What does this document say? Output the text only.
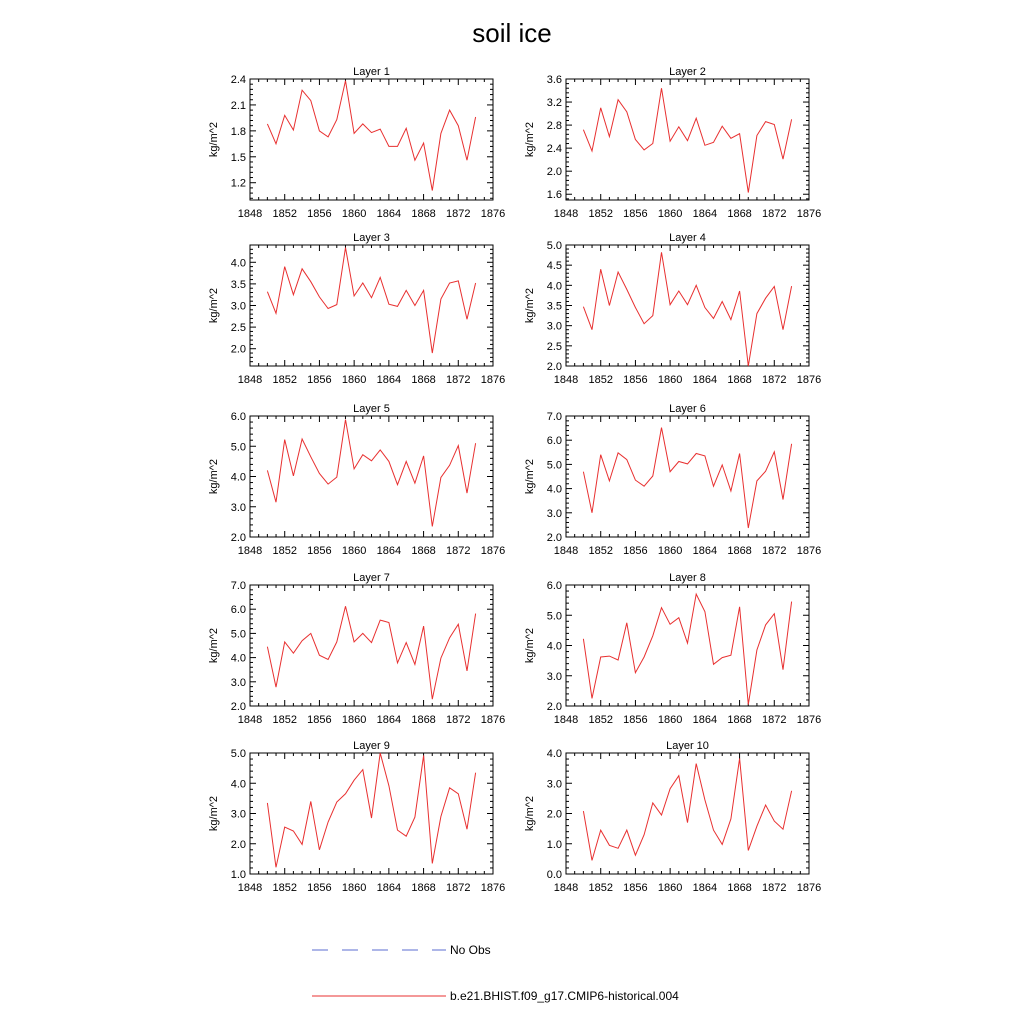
soil ice
Layer 1
1848 1852 1856 1860 1864 1868 1872 1876
1.2
1.5
1.8
2.1
2.4
kg/m^2
Layer 2
1848 1852 1856 1860 1864 1868 1872 1876
1.6
2.0
2.4
2.8
3.2
3.6
kg/m^2
Layer 3
1848 1852 1856 1860 1864 1868 1872 1876
2.0
2.5
3.0
3.5
4.0
kg/m^2
Layer 4
1848 1852 1856 1860 1864 1868 1872 1876
2.0
2.5
3.0
3.5
4.0
4.5
5.0
kg/m^2
Layer 5
1848 1852 1856 1860 1864 1868 1872 1876
2.0
3.0
4.0
5.0
6.0
kg/m^2
Layer 6
1848 1852 1856 1860 1864 1868 1872 1876
2.0
3.0
4.0
5.0
6.0
7.0
kg/m^2
Layer 7
1848 1852 1856 1860 1864 1868 1872 1876
2.0
3.0
4.0
5.0
6.0
7.0
kg/m^2
Layer 8
1848 1852 1856 1860 1864 1868 1872 1876
2.0
3.0
4.0
5.0
6.0
kg/m^2
Layer 9
1848 1852 1856 1860 1864 1868 1872 1876
1.0
2.0
3.0
4.0
5.0
kg/m^2
Layer 10
1848 1852 1856 1860 1864 1868 1872 1876
0.0
1.0
2.0
3.0
4.0
kg/m^2
No Obs
b.e21.BHIST.f09_g17.CMIP6-historical.004
